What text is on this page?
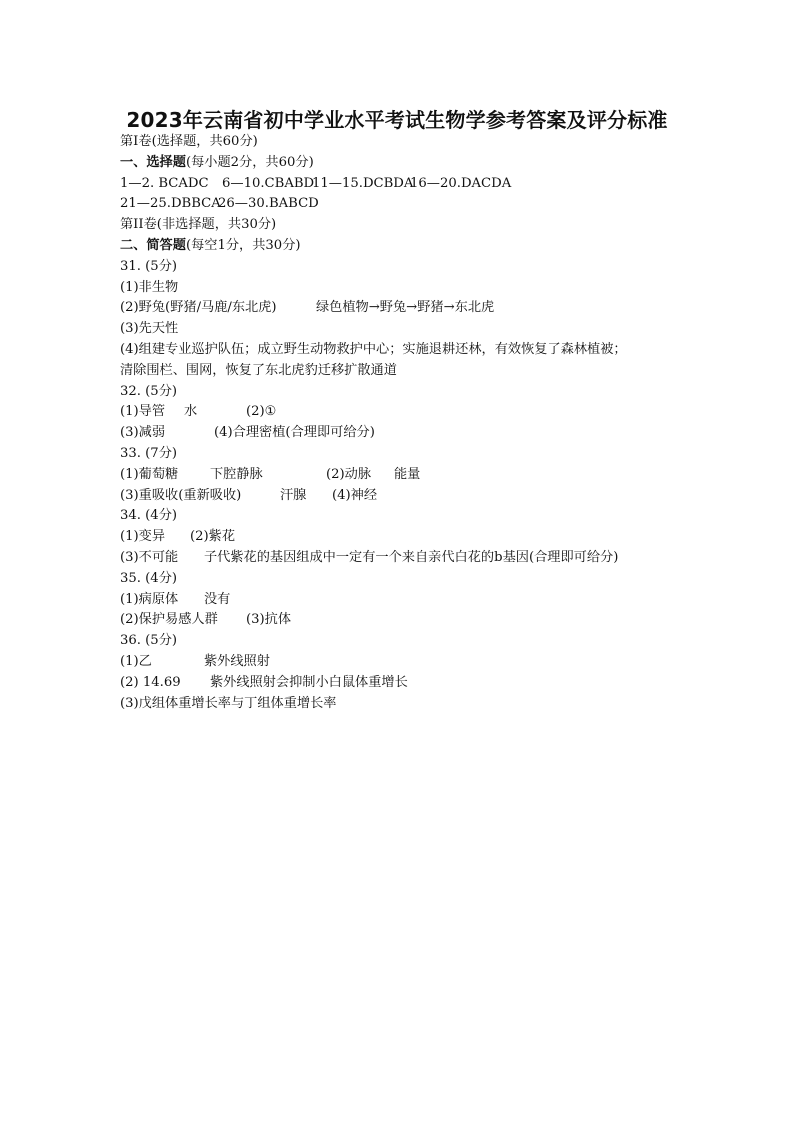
2023年云南省初中学业水平考试生物学参考答案及评分标准
第I卷(选择题，共60分)
一、选择题(每小题2分，共60分)
1—2. BCADC 6—10.CBABD11—15.DCBDA16—20.DACDA
21—25.DBBCA26—30.BABCD
第II卷(非选择题，共30分)
二、简答题(每空1分，共30分)
31. (5分)
(1)非生物
(2)野兔(野猪/马鹿/东北虎)	绿色植物→野兔→野猪→东北虎
(3)先天性
(4)组建专业巡护队伍；成立野生动物救护中心；实施退耕还林，有效恢复了森林植被；
清除围栏、围网，恢复了东北虎豹迁移扩散通道
32. (5分)
(1)导管 水	(2)①
(3)减弱	(4)合理密植(合理即可给分)
33. (7分)
(1)葡萄糖 下腔静脉	(2)动脉 能量
(3)重吸收(重新吸收)	汗腺 (4)神经
34. (4分)
(1)变异 (2)紫花
(3)不可能 子代紫花的基因组成中一定有一个来自亲代白花的b基因(合理即可给分)
35. (4分)
(1)病原体 没有
(2)保护易感人群 (3)抗体
36. (5分)
(1)乙	紫外线照射
(2) 14.69 紫外线照射会抑制小白鼠体重增长
(3)戊组体重增长率与丁组体重增长率
